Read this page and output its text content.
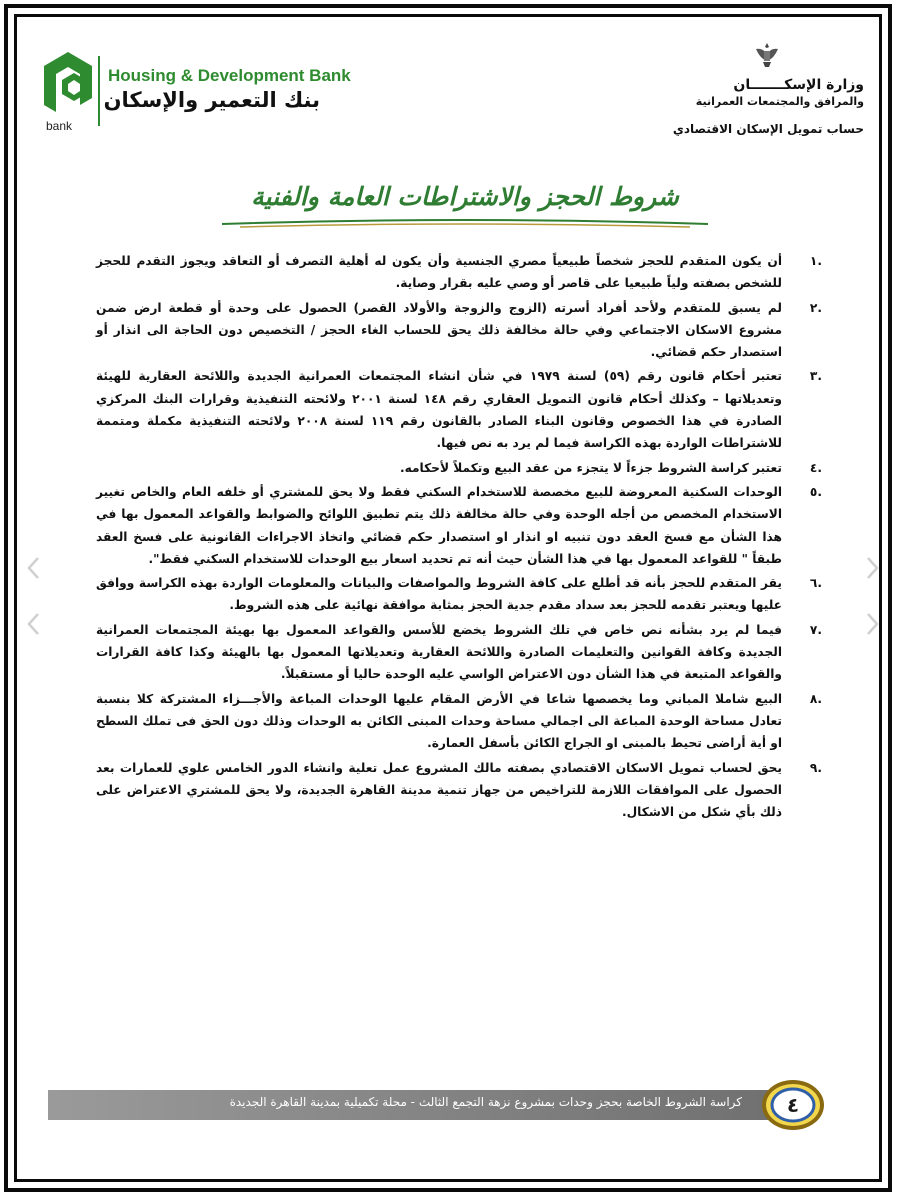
bank
Housing & Development Bank
بنك التعمير والإسكان
وزارة الإسكـــــــان
والمرافق والمجتمعات العمرانية
حساب تمويل الإسكان الاقتصادي
شروط الحجز والاشتراطات العامة والفنية
.١
أن يكون المتقدم للحجز شخصاً طبيعياً مصري الجنسية وأن يكون له أهلية التصرف أو التعاقد ويجوز التقدم للحجز للشخص بصفته ولياً طبيعيا على قاصر أو وصي عليه بقرار وصاية.
.٢
لم يسبق للمتقدم ولأحد أفراد أسرته (الزوج والزوجة والأولاد القصر) الحصول على وحدة أو قطعة ارض ضمن مشروع الاسكان الاجتماعي وفي حالة مخالفة ذلك يحق للحساب الغاء الحجز / التخصيص دون الحاجة الى انذار أو استصدار حكم قضائي.
.٣
تعتبر أحكام قانون رقم (٥٩) لسنة ١٩٧٩ في شأن انشاء المجتمعات العمرانية الجديدة واللائحة العقارية للهيئة وتعديلاتها – وكذلك أحكام قانون التمويل العقاري رقم ١٤٨ لسنة ٢٠٠١ ولائحته التنفيذية وقرارات البنك المركزي الصادرة في هذا الخصوص وقانون البناء الصادر بالقانون رقم ١١٩ لسنة ٢٠٠٨ ولائحته التنفيذية مكملة ومتممة للاشتراطات الواردة بهذه الكراسة فيما لم يرد به نص فيها.
.٤
تعتبر كراسة الشروط جزءاً لا يتجزء من عقد البيع وتكملاً لأحكامه.
.٥
الوحدات السكنية المعروضة للبيع مخصصة للاستخدام السكني فقط ولا يحق للمشتري أو خلفه العام والخاص تغيير الاستخدام المخصص من أجله الوحدة وفي حالة مخالفة ذلك يتم تطبيق اللوائح والضوابط والقواعد المعمول بها في هذا الشأن مع فسخ العقد دون تنبيه او انذار او استصدار حكم قضائي واتخاذ الاجراءات القانونية على فسخ العقد طبقاً " للقواعد المعمول بها في هذا الشأن حيث أنه تم تحديد اسعار بيع الوحدات للاستخدام السكني فقط".
.٦
يقر المتقدم للحجز بأنه قد أطلع على كافة الشروط والمواصفات والبيانات والمعلومات الواردة بهذه الكراسة ووافق عليها ويعتبر تقدمه للحجز بعد سداد مقدم جدية الحجز بمثابة موافقة نهائية على هذه الشروط.
.٧
فيما لم يرد بشأنه نص خاص في تلك الشروط يخضع للأسس والقواعد المعمول بها بهيئة المجتمعات العمرانية الجديدة وكافة القوانين والتعليمات الصادرة واللائحة العقارية وتعديلاتها المعمول بها بالهيئة وكذا كافة القرارات والقواعد المتبعة في هذا الشأن دون الاعتراض الواسي عليه الوحدة حاليا أو مستقبلاً.
.٨
البيع شاملا المباني وما يخصصها شاعا في الأرض المقام عليها الوحدات المباعة والأجـــزاء المشتركة كلا بنسبة تعادل مساحة الوحدة المباعة الى اجمالي مساحة وحدات المبنى الكائن به الوحدات وذلك دون الحق فى تملك السطح او أية أراضى تحيط بالمبنى او الجراج الكائن بأسفل العمارة.
.٩
يحق لحساب تمويل الاسكان الاقتصادي بصفته مالك المشروع عمل تعلية وانشاء الدور الخامس علوي للعمارات بعد الحصول على الموافقات اللازمة للتراخيص من جهاز تنمية مدينة القاهرة الجديدة، ولا يحق للمشتري الاعتراض على ذلك بأي شكل من الاشكال.
كراسة الشروط الخاصة بحجز وحدات بمشروع نزهة التجمع الثالث - محلة تكميلية بمدينة القاهرة الجديدة ٤
